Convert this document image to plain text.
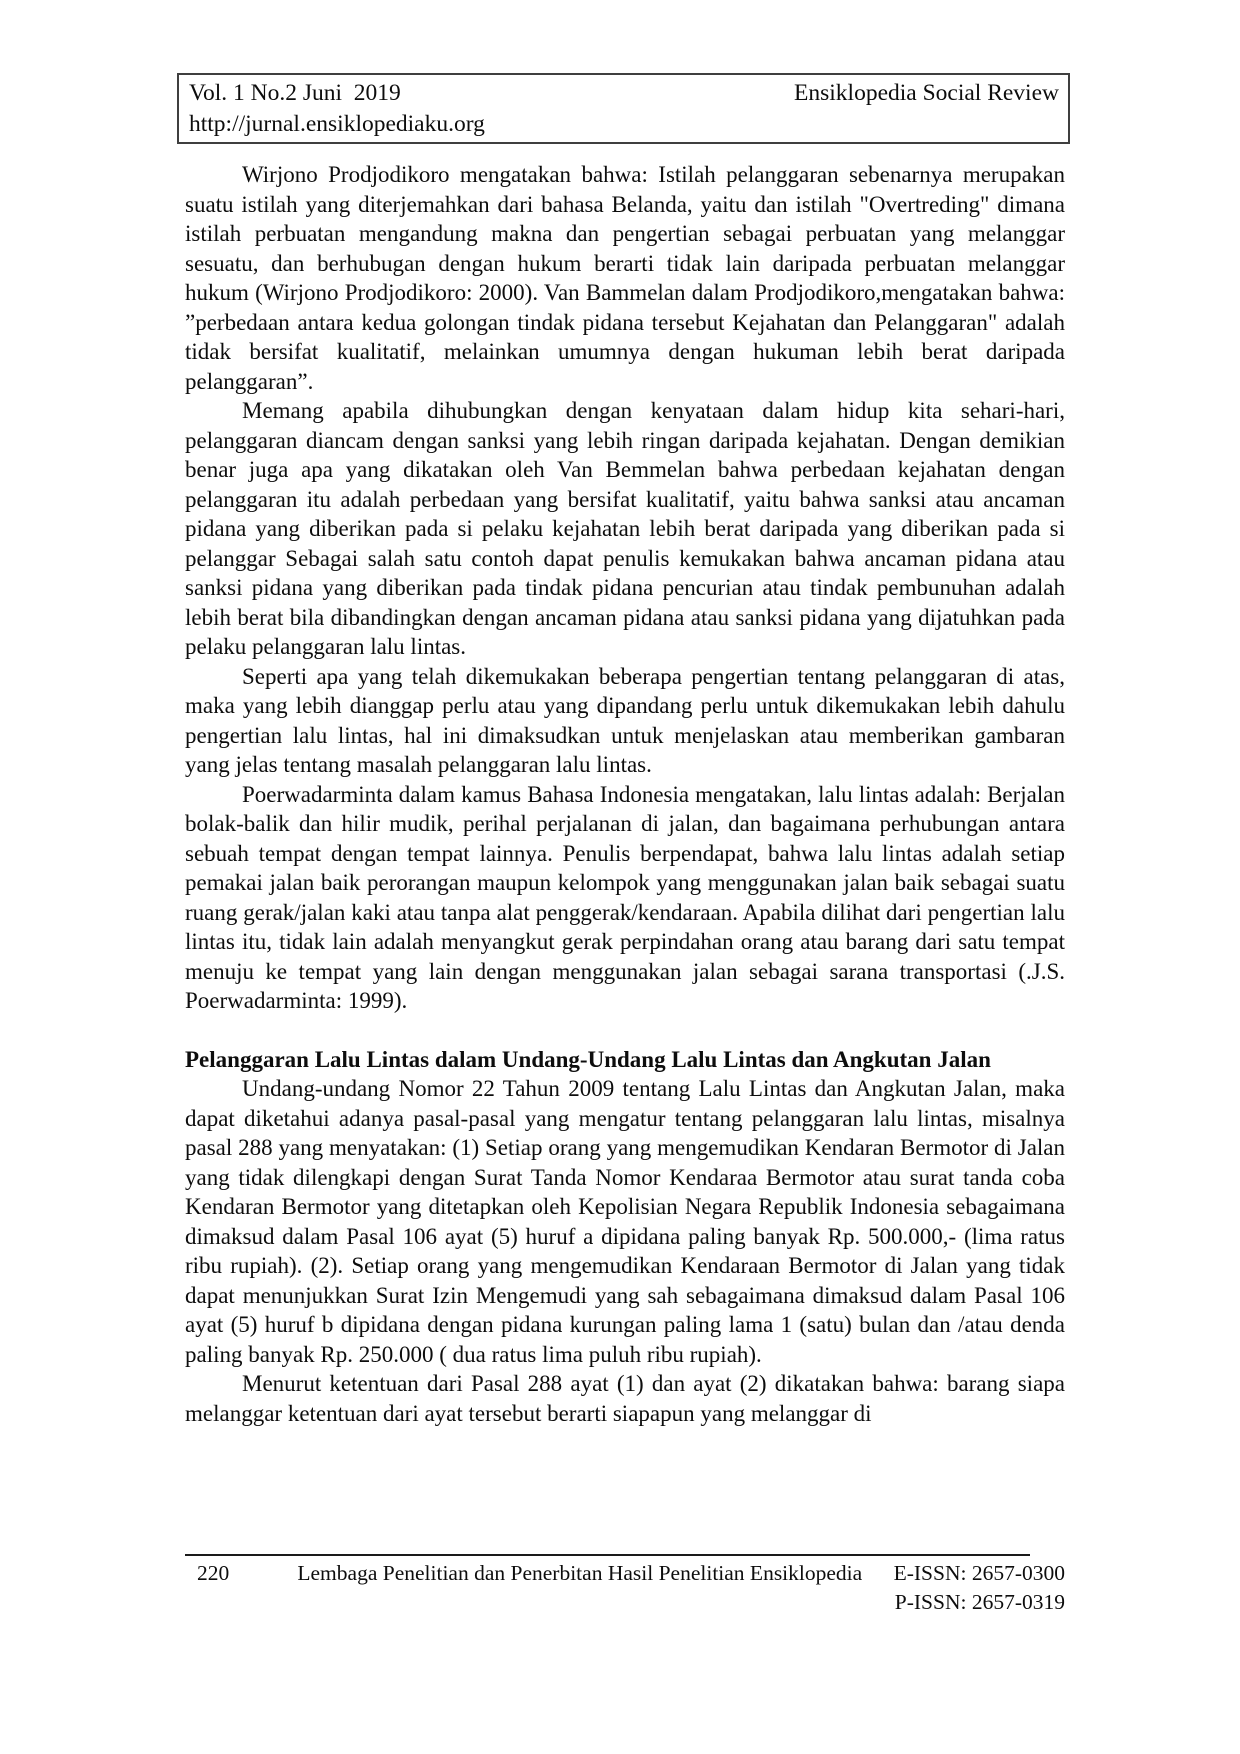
Vol. 1 No.2 Juni  2019	Ensiklopedia Social Review
http://jurnal.ensiklopediaku.org

Wirjono Prodjodikoro mengatakan bahwa: Istilah pelanggaran sebenarnya merupakan suatu istilah yang diterjemahkan dari bahasa Belanda, yaitu dan istilah "Overtreding" dimana istilah perbuatan mengandung makna dan pengertian sebagai perbuatan yang melanggar sesuatu, dan berhubugan dengan hukum berarti tidak lain daripada perbuatan melanggar hukum (Wirjono Prodjodikoro: 2000). Van Bammelan dalam Prodjodikoro,mengatakan bahwa: ”perbedaan antara kedua golongan tindak pidana tersebut Kejahatan dan Pelanggaran" adalah tidak bersifat kualitatif, melainkan umumnya dengan hukuman lebih berat daripada pelanggaran”.

Memang apabila dihubungkan dengan kenyataan dalam hidup kita sehari-hari, pelanggaran diancam dengan sanksi yang lebih ringan daripada kejahatan. Dengan demikian benar juga apa yang dikatakan oleh Van Bemmelan bahwa perbedaan kejahatan dengan pelanggaran itu adalah perbedaan yang bersifat kualitatif, yaitu bahwa sanksi atau ancaman pidana yang diberikan pada si pelaku kejahatan lebih berat daripada yang diberikan pada si pelanggar Sebagai salah satu contoh dapat penulis kemukakan bahwa ancaman pidana atau sanksi pidana yang diberikan pada tindak pidana pencurian atau tindak pembunuhan adalah lebih berat bila dibandingkan dengan ancaman pidana atau sanksi pidana yang dijatuhkan pada pelaku pelanggaran lalu lintas.

Seperti apa yang telah dikemukakan beberapa pengertian tentang pelanggaran di atas, maka yang lebih dianggap perlu atau yang dipandang perlu untuk dikemukakan lebih dahulu pengertian lalu lintas, hal ini dimaksudkan untuk menjelaskan atau memberikan gambaran yang jelas tentang masalah pelanggaran lalu lintas.

Poerwadarminta dalam kamus Bahasa Indonesia mengatakan, lalu lintas adalah: Berjalan bolak-balik dan hilir mudik, perihal perjalanan di jalan, dan bagaimana perhubungan antara sebuah tempat dengan tempat lainnya. Penulis berpendapat, bahwa lalu lintas adalah setiap pemakai jalan baik perorangan maupun kelompok yang menggunakan jalan baik sebagai suatu ruang gerak/jalan kaki atau tanpa alat penggerak/kendaraan. Apabila dilihat dari pengertian lalu lintas itu, tidak lain adalah menyangkut gerak perpindahan orang atau barang dari satu tempat menuju ke tempat yang lain dengan menggunakan jalan sebagai sarana transportasi (.J.S. Poerwadarminta: 1999).

Pelanggaran Lalu Lintas dalam Undang-Undang Lalu Lintas dan Angkutan Jalan

Undang-undang Nomor 22 Tahun 2009 tentang Lalu Lintas dan Angkutan Jalan, maka dapat diketahui adanya pasal-pasal yang mengatur tentang pelanggaran lalu lintas, misalnya pasal 288 yang menyatakan: (1) Setiap orang yang mengemudikan Kendaran Bermotor di Jalan yang tidak dilengkapi dengan Surat Tanda Nomor Kendaraa Bermotor atau surat tanda coba Kendaran Bermotor yang ditetapkan oleh Kepolisian Negara Republik Indonesia sebagaimana dimaksud dalam Pasal 106 ayat (5) huruf a dipidana paling banyak Rp. 500.000,- (lima ratus ribu rupiah). (2). Setiap orang yang mengemudikan Kendaraan Bermotor di Jalan yang tidak dapat menunjukkan Surat Izin Mengemudi yang sah sebagaimana dimaksud dalam Pasal 106 ayat (5) huruf b dipidana dengan pidana kurungan paling lama 1 (satu) bulan dan /atau denda paling banyak Rp. 250.000 ( dua ratus lima puluh ribu rupiah).

Menurut ketentuan dari Pasal 288 ayat (1) dan ayat (2) dikatakan bahwa: barang siapa melanggar ketentuan dari ayat tersebut berarti siapapun yang melanggar di

220	Lembaga Penelitian dan Penerbitan Hasil Penelitian Ensiklopedia	E-ISSN: 2657-0300
P-ISSN: 2657-0319
